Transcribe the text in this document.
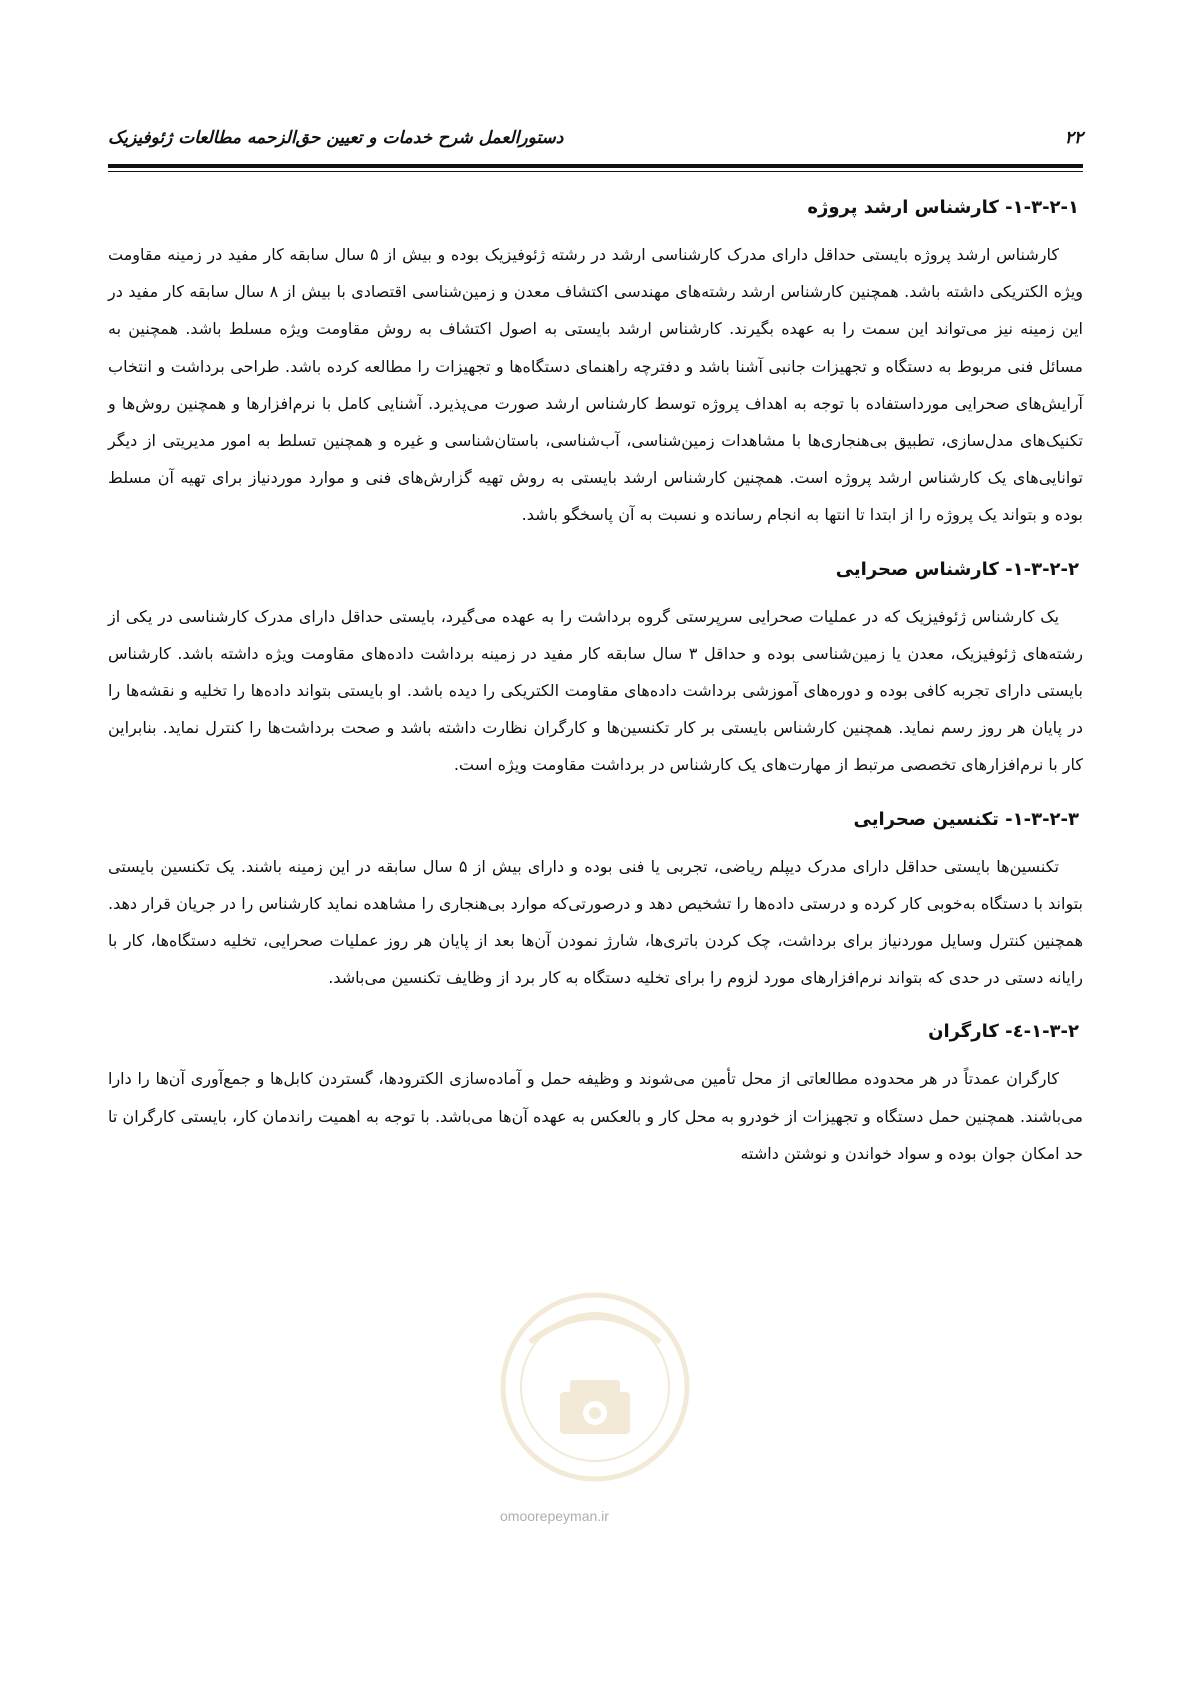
۲۲
دستورالعمل شرح خدمات و تعیین حق‌الزحمه مطالعات ژئوفیزیک
۱-۳-۲-۱- کارشناس ارشد پروژه

کارشناس ارشد پروژه بایستی حداقل دارای مدرک کارشناسی ارشد در رشته ژئوفیزیک بوده و بیش از ۵ سال سابقه کار مفید در زمینه مقاومت ویژه الکتریکی داشته باشد. همچنین کارشناس ارشد رشته‌های مهندسی اکتشاف معدن و زمین‌شناسی اقتصادی با بیش از ۸ سال سابقه کار مفید در این زمینه نیز می‌تواند این سمت را به عهده بگیرند. کارشناس ارشد بایستی به اصول اکتشاف به روش مقاومت ویژه مسلط باشد. همچنین به مسائل فنی مربوط به دستگاه و تجهیزات جانبی آشنا باشد و دفترچه راهنمای دستگاه‌ها و تجهیزات را مطالعه کرده باشد. طراحی برداشت و انتخاب آرایش‌های صحرایی مورداستفاده با توجه به اهداف پروژه توسط کارشناس ارشد صورت می‌پذیرد. آشنایی کامل با نرم‌افزارها و همچنین روش‌ها و تکنیک‌های مدل‌سازی، تطبیق بی‌هنجاری‌ها با مشاهدات زمین‌شناسی، آب‌شناسی، باستان‌شناسی و غیره و همچنین تسلط به امور مدیریتی از دیگر توانایی‌های یک کارشناس ارشد پروژه است. همچنین کارشناس ارشد بایستی به روش تهیه گزارش‌های فنی و موارد موردنیاز برای تهیه آن مسلط بوده و بتواند یک پروژه را از ابتدا تا انتها به انجام رسانده و نسبت به آن پاسخگو باشد.

۱-۳-۲-۲- کارشناس صحرایی

یک کارشناس ژئوفیزیک که در عملیات صحرایی سرپرستی گروه برداشت را به عهده می‌گیرد، بایستی حداقل دارای مدرک کارشناسی در یکی از رشته‌های ژئوفیزیک، معدن یا زمین‌شناسی بوده و حداقل ۳ سال سابقه کار مفید در زمینه برداشت داده‌های مقاومت ویژه داشته باشد. کارشناس بایستی دارای تجربه کافی بوده و دوره‌های آموزشی برداشت داده‌های مقاومت الکتریکی را دیده باشد. او بایستی بتواند داده‌ها را تخلیه و نقشه‌ها را در پایان هر روز رسم نماید. همچنین کارشناس بایستی بر کار تکنسین‌ها و کارگران نظارت داشته باشد و صحت برداشت‌ها را کنترل نماید. بنابراین کار با نرم‌افزارهای تخصصی مرتبط از مهارت‌های یک کارشناس در برداشت مقاومت ویژه است.

۱-۳-۲-۳- تکنسین صحرایی

تکنسین‌ها بایستی حداقل دارای مدرک دیپلم ریاضی، تجربی یا فنی بوده و دارای بیش از ۵ سال سابقه در این زمینه باشند. یک تکنسین بایستی بتواند با دستگاه به‌خوبی کار کرده و درستی داده‌ها را تشخیص دهد و درصورتی‌که موارد بی‌هنجاری را مشاهده نماید کارشناس را در جریان قرار دهد. همچنین کنترل وسایل موردنیاز برای برداشت، چک کردن باتری‌ها، شارژ نمودن آن‌ها بعد از پایان هر روز عملیات صحرایی، تخلیه دستگاه‌ها، کار با رایانه دستی در حدی که بتواند نرم‌افزارهای مورد لزوم را برای تخلیه دستگاه به کار برد از وظایف تکنسین می‌باشد.

۱-۳-۲-٤- کارگران

کارگران عمدتاً در هر محدوده مطالعاتی از محل تأمین می‌شوند و وظیفه حمل و آماده‌سازی الکترودها، گستردن کابل‌ها و جمع‌آوری آن‌ها را دارا می‌باشند. همچنین حمل دستگاه و تجهیزات از خودرو به محل کار و بالعکس به عهده آن‌ها می‌باشد. با توجه به اهمیت راندمان کار، بایستی کارگران تا حد امکان جوان بوده و سواد خواندن و نوشتن داشته

omoorepeyman.ir
